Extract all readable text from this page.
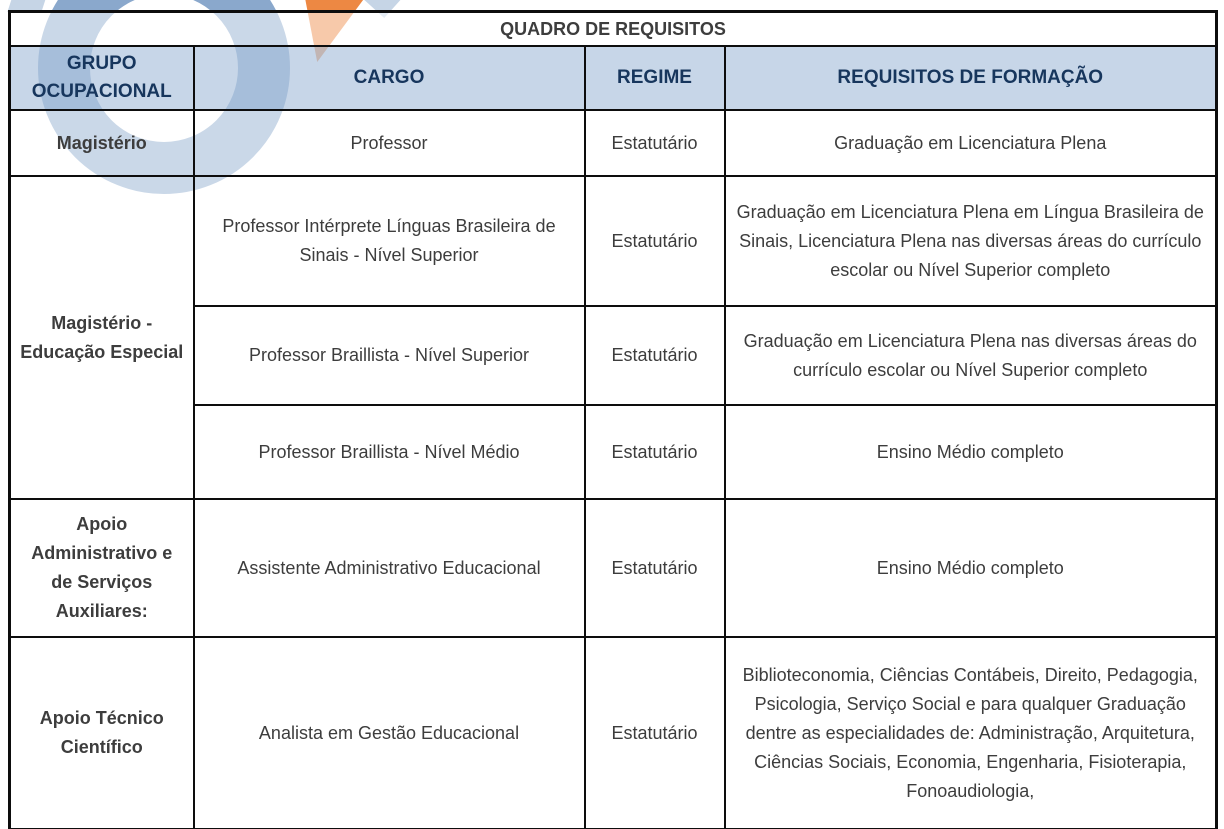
QUADRO DE REQUISITOS			
GRUPO OCUPACIONAL	CARGO	REGIME	REQUISITOS DE FORMAÇÃO
Magistério	Professor	Estatutário	Graduação em Licenciatura Plena
Magistério - Educação Especial	Professor Intérprete Línguas Brasileira de Sinais - Nível Superior	Estatutário	Graduação em Licenciatura Plena em Língua Brasileira de Sinais, Licenciatura Plena nas diversas áreas do currículo escolar ou Nível Superior completo
	Professor Braillista - Nível Superior	Estatutário	Graduação em Licenciatura Plena nas diversas áreas do currículo escolar ou Nível Superior completo
	Professor Braillista - Nível Médio	Estatutário	Ensino Médio completo
Apoio Administrativo e de Serviços Auxiliares:	Assistente Administrativo Educacional	Estatutário	Ensino Médio completo
Apoio Técnico Científico	Analista em Gestão Educacional	Estatutário	Biblioteconomia, Ciências Contábeis, Direito, Pedagogia, Psicologia, Serviço Social e para qualquer Graduação dentre as especialidades de: Administração, Arquitetura, Ciências Sociais, Economia, Engenharia, Fisioterapia, Fonoaudiologia,
